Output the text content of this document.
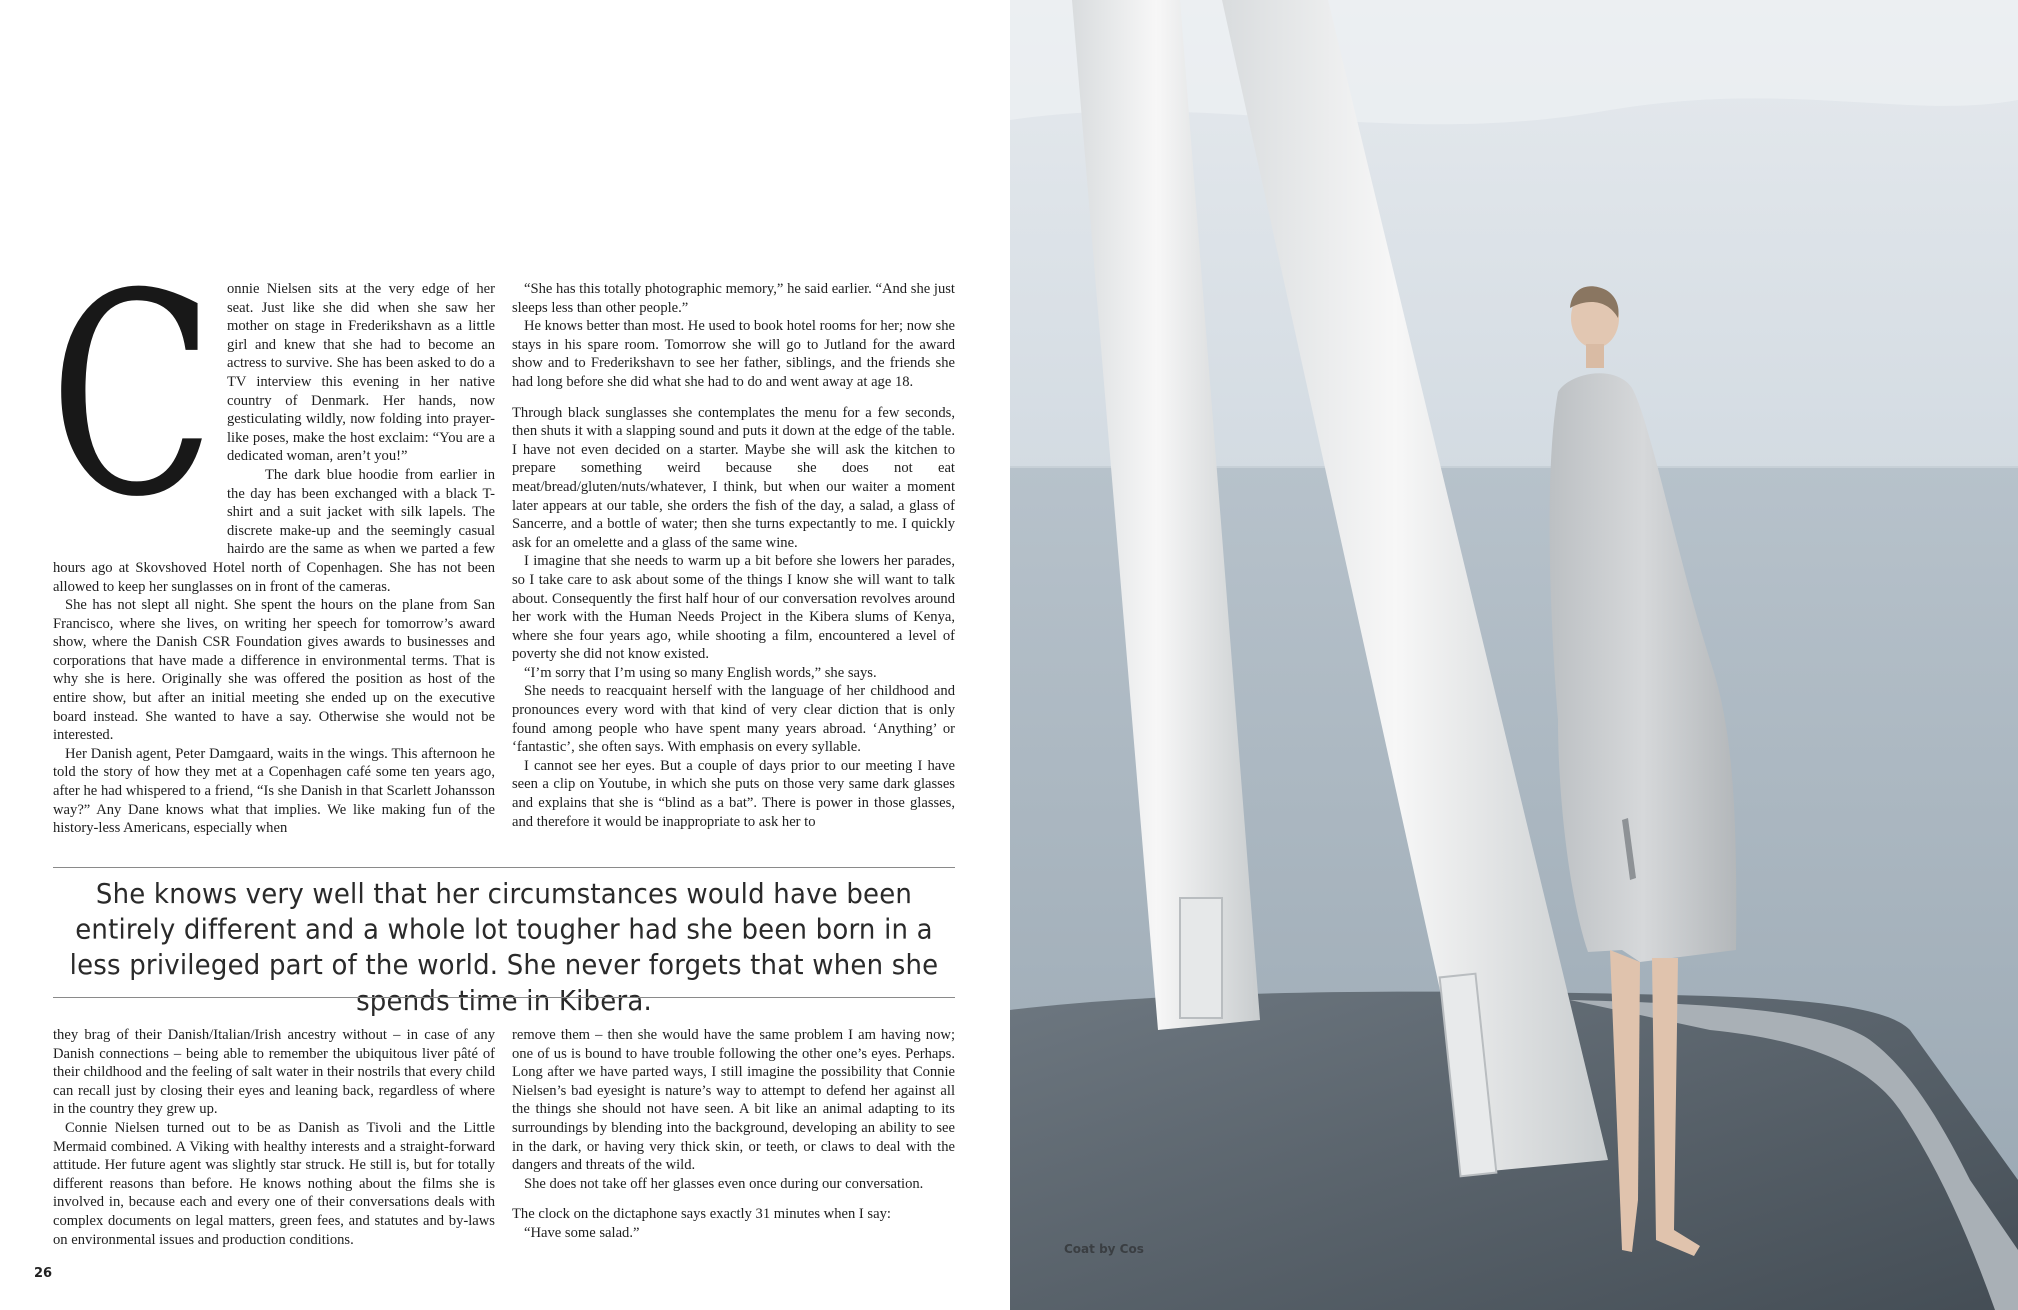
C onnie Nielsen sits at the very edge of her seat. Just like she did when she saw her mother on stage in Frederikshavn as a little girl and knew that she had to become an actress to survive. She has been asked to do a TV interview this evening in her native country of Denmark. Her hands, now gesticulating wildly, now folding into prayer-like poses, make the host exclaim: “You are a dedicated woman, aren’t you!”

The dark blue hoodie from earlier in the day has been exchanged with a black T-shirt and a suit jacket with silk lapels. The discrete make-up and the seemingly casual hairdo are the same as when we parted a few hours ago at Skovshoved Hotel north of Copenhagen. She has not been allowed to keep her sunglasses on in front of the cameras.

She has not slept all night. She spent the hours on the plane from San Francisco, where she lives, on writing her speech for tomorrow’s award show, where the Danish CSR Foundation gives awards to businesses and corporations that have made a difference in environmental terms. That is why she is here. Originally she was offered the position as host of the entire show, but after an initial meeting she ended up on the executive board instead. She wanted to have a say. Otherwise she would not be interested.

Her Danish agent, Peter Damgaard, waits in the wings. This afternoon he told the story of how they met at a Copenhagen café some ten years ago, after he had whispered to a friend, “Is she Danish in that Scarlett Johansson way?” Any Dane knows what that implies. We like making fun of the history-less Americans, especially when

“She has this totally photographic memory,” he said earlier. “And she just sleeps less than other people.”

He knows better than most. He used to book hotel rooms for her; now she stays in his spare room. Tomorrow she will go to Jutland for the award show and to Frederikshavn to see her father, siblings, and the friends she had long before she did what she had to do and went away at age 18.

Through black sunglasses she contemplates the menu for a few seconds, then shuts it with a slapping sound and puts it down at the edge of the table. I have not even decided on a starter. Maybe she will ask the kitchen to prepare something weird because she does not eat meat/bread/gluten/nuts/whatever, I think, but when our waiter a moment later appears at our table, she orders the fish of the day, a salad, a glass of Sancerre, and a bottle of water; then she turns expectantly to me. I quickly ask for an omelette and a glass of the same wine.

I imagine that she needs to warm up a bit before she lowers her parades, so I take care to ask about some of the things I know she will want to talk about. Consequently the first half hour of our conversation revolves around her work with the Human Needs Project in the Kibera slums of Kenya, where she four years ago, while shooting a film, encountered a level of poverty she did not know existed.

“I’m sorry that I’m using so many English words,” she says.

She needs to reacquaint herself with the language of her childhood and pronounces every word with that kind of very clear diction that is only found among people who have spent many years abroad. ‘Anything’ or ‘fantastic’, she often says. With emphasis on every syllable.

I cannot see her eyes. But a couple of days prior to our meeting I have seen a clip on Youtube, in which she puts on those very same dark glasses and explains that she is “blind as a bat”. There is power in those glasses, and therefore it would be inappropriate to ask her to

She knows very well that her circumstances would have been entirely different and a whole lot tougher had she been born in a less privileged part of the world. She never forgets that when she spends time in Kibera.

they brag of their Danish/Italian/Irish ancestry without – in case of any Danish connections – being able to remember the ubiquitous liver pâté of their childhood and the feeling of salt water in their nostrils that every child can recall just by closing their eyes and leaning back, regardless of where in the country they grew up.

Connie Nielsen turned out to be as Danish as Tivoli and the Little Mermaid combined. A Viking with healthy interests and a straight-forward attitude. Her future agent was slightly star struck. He still is, but for totally different reasons than before. He knows nothing about the films she is involved in, because each and every one of their conversations deals with complex documents on legal matters, green fees, and statutes and by-laws on environmental issues and production conditions.

remove them – then she would have the same problem I am having now; one of us is bound to have trouble following the other one’s eyes. Perhaps. Long after we have parted ways, I still imagine the possibility that Connie Nielsen’s bad eyesight is nature’s way to attempt to defend her against all the things she should not have seen. A bit like an animal adapting to its surroundings by blending into the background, developing an ability to see in the dark, or having very thick skin, or teeth, or claws to deal with the dangers and threats of the wild.

She does not take off her glasses even once during our conversation.

The clock on the dictaphone says exactly 31 minutes when I say:

“Have some salad.”

26
Coat by Cos
